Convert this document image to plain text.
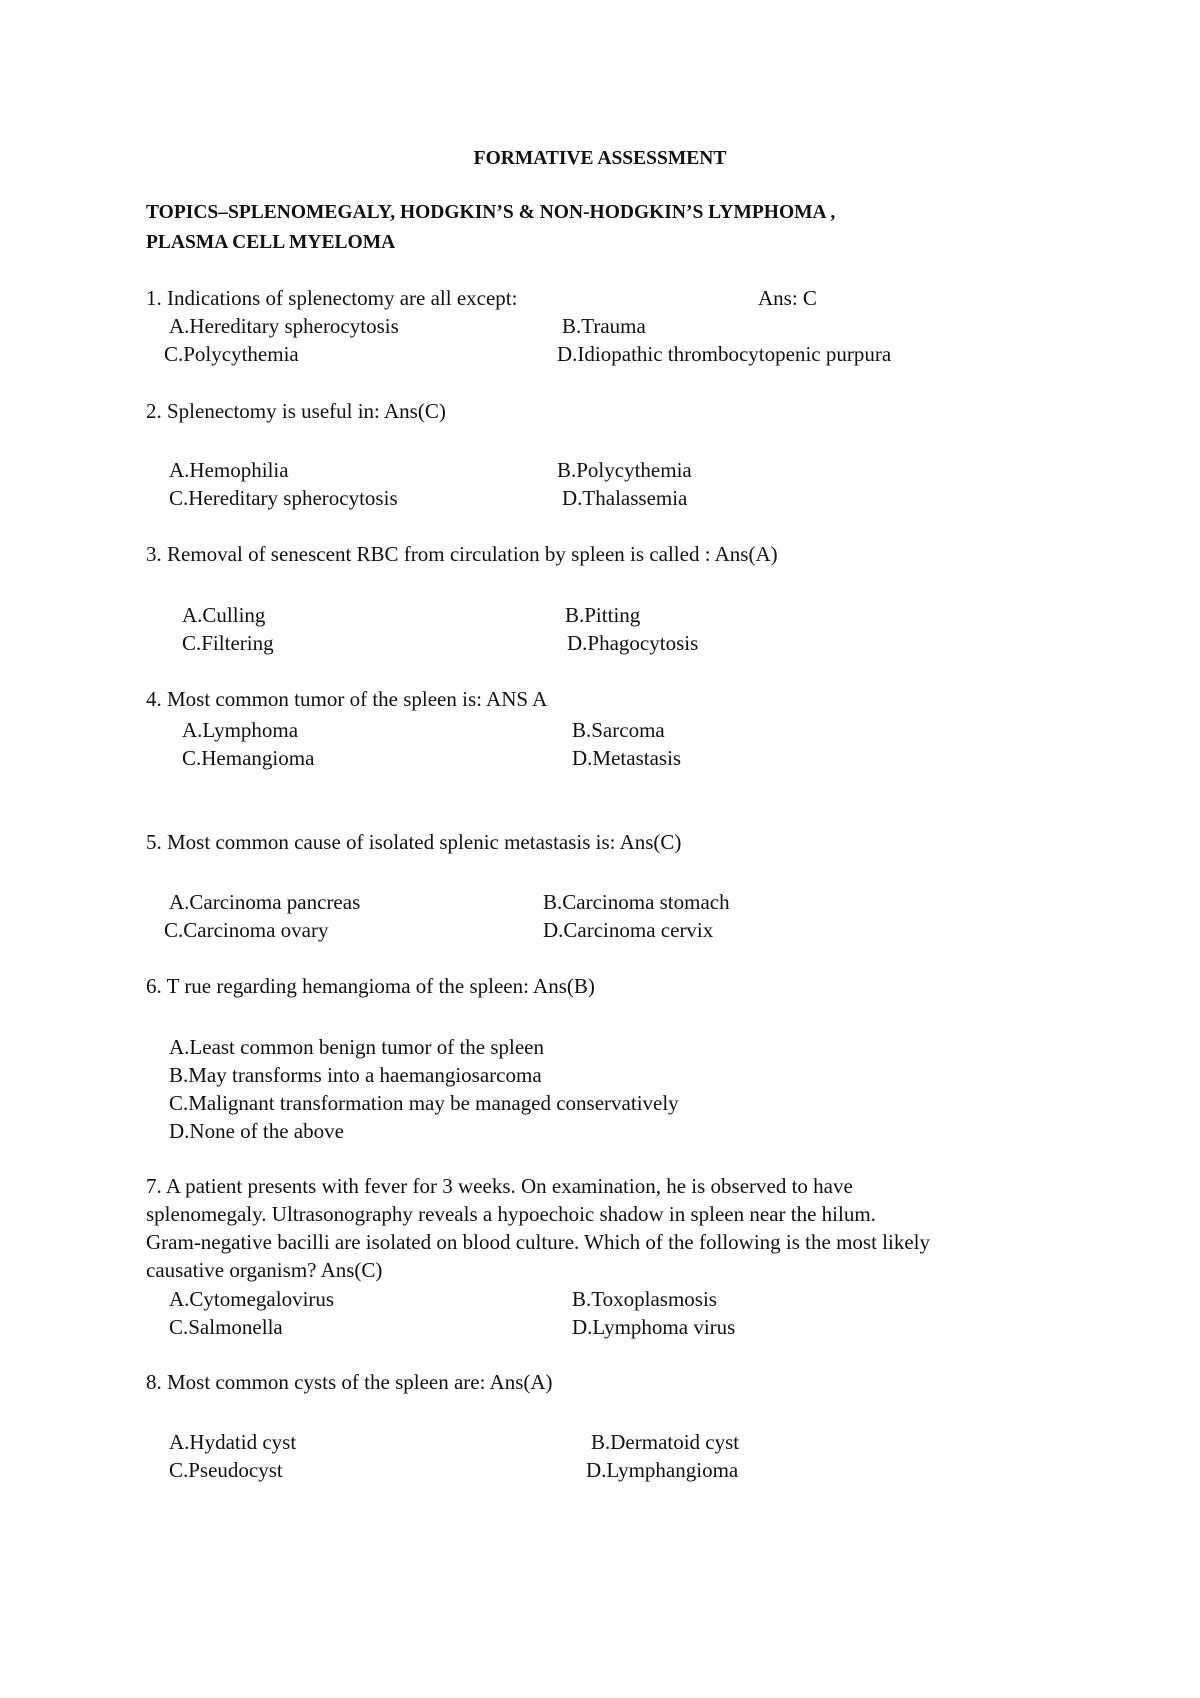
FORMATIVE ASSESSMENT
TOPICS–SPLENOMEGALY, HODGKIN’S & NON-HODGKIN’S LYMPHOMA ,
PLASMA CELL MYELOMA
1. Indications of splenectomy are all except:	Ans: C
A.Hereditary spherocytosis	B.Trauma
C.Polycythemia	D.Idiopathic thrombocytopenic purpura
2. Splenectomy is useful in: Ans(C)
A.Hemophilia	B.Polycythemia
C.Hereditary spherocytosis	D.Thalassemia
3. Removal of senescent RBC from circulation by spleen is called : Ans(A)
A.Culling	B.Pitting
C.Filtering	D.Phagocytosis
4. Most common tumor of the spleen is: ANS A
A.Lymphoma	B.Sarcoma
C.Hemangioma	D.Metastasis
5. Most common cause of isolated splenic metastasis is: Ans(C)
A.Carcinoma pancreas	B.Carcinoma stomach
C.Carcinoma ovary	D.Carcinoma cervix
6. T rue regarding hemangioma of the spleen: Ans(B)
A.Least common benign tumor of the spleen
B.May transforms into a haemangiosarcoma
C.Malignant transformation may be managed conservatively
D.None of the above
7. A patient presents with fever for 3 weeks. On examination, he is observed to have
splenomegaly. Ultrasonography reveals a hypoechoic shadow in spleen near the hilum.
Gram-negative bacilli are isolated on blood culture. Which of the following is the most likely
causative organism? Ans(C)
A.Cytomegalovirus	B.Toxoplasmosis
C.Salmonella	D.Lymphoma virus
8. Most common cysts of the spleen are: Ans(A)
A.Hydatid cyst	B.Dermatoid cyst
C.Pseudocyst	D.Lymphangioma
